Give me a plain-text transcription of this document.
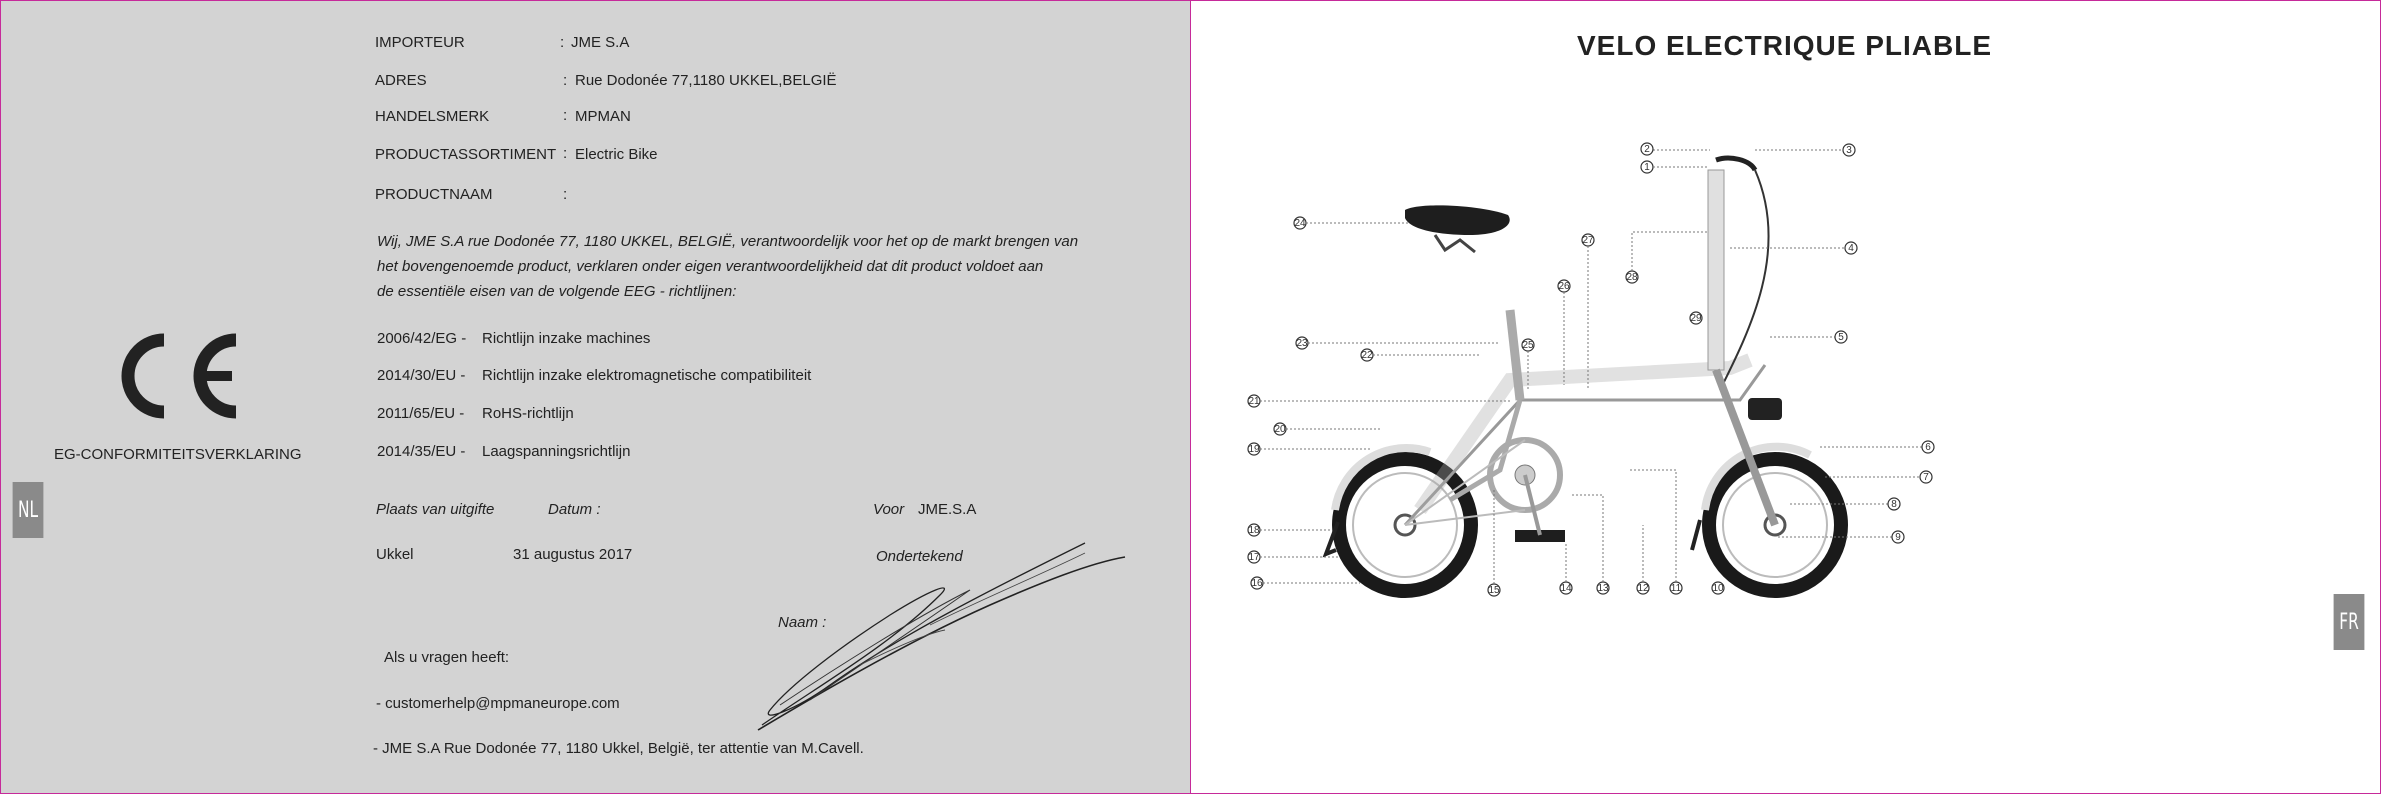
IMPORTEUR	: JME S.A
ADRES	: Rue Dodonée 77,1180 UKKEL,BELGIË
HANDELSMERK	: MPMAN
PRODUCTASSORTIMENT : Electric Bike
PRODUCTNAAM	:
Wij, JME S.A rue Dodonée 77, 1180 UKKEL, BELGIË, verantwoordelijk voor het op de markt brengen van
het bovengenoemde product, verklaren onder eigen verantwoordelijkheid dat dit product voldoet aan
de essentiële eisen van de volgende EEG - richtlijnen:
2006/42/EG - Richtlijn inzake machines
2014/30/EU - Richtlijn inzake elektromagnetische compatibiliteit
2011/65/EU - RoHS-richtlijn
2014/35/EU - Laagspanningsrichtlijn
EG-CONFORMITEITSVERKLARING
NL	Plaats van uitgifte	Datum :	Voor JME.S.A
Ukkel	31 augustus 2017	Ondertekend
Naam :
Als u vragen heeft:
- customerhelp@mpmaneurope.com
- JME S.A Rue Dodonée 77, 1180 Ukkel, België, ter attentie van M.Cavell.
VELO ELECTRIQUE PLIABLE
FR
2
1
3
4
5
6
7
8
9
10
11
12
13
14
15
16
17
18
19
20
21
22
23
24
25
26
27
28
29
